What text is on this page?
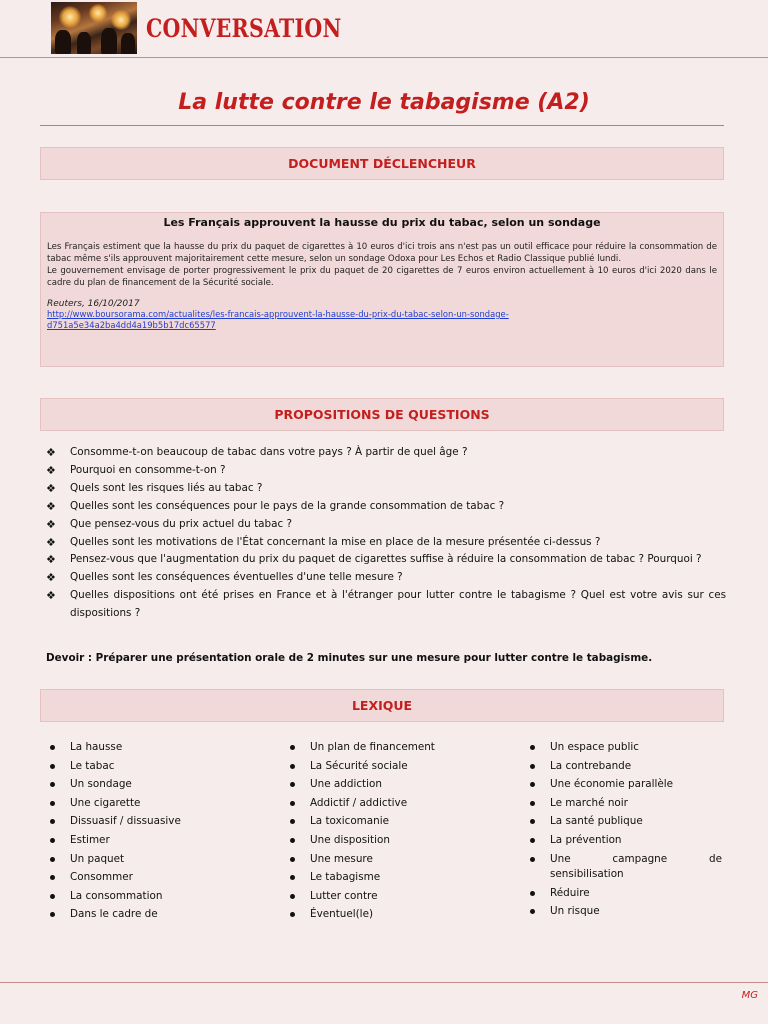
CONVERSATION
La lutte contre le tabagisme (A2)
DOCUMENT DÉCLENCHEUR
Les Français approuvent la hausse du prix du tabac, selon un sondage
Les Français estiment que la hausse du prix du paquet de cigarettes à 10 euros d'ici trois ans n'est pas un outil efficace pour réduire la consommation de tabac même s'ils approuvent majoritairement cette mesure, selon un sondage Odoxa pour Les Echos et Radio Classique publié lundi.
Le gouvernement envisage de porter progressivement le prix du paquet de 20 cigarettes de 7 euros environ actuellement à 10 euros d'ici 2020 dans le cadre du plan de financement de la Sécurité sociale.
Reuters, 16/10/2017
http://www.boursorama.com/actualites/les-francais-approuvent-la-hausse-du-prix-du-tabac-selon-un-sondage-
d751a5e34a2ba4dd4a19b5b17dc65577
PROPOSITIONS DE QUESTIONS
❖ Consomme-t-on beaucoup de tabac dans votre pays ? À partir de quel âge ?
❖ Pourquoi en consomme-t-on ?
❖ Quels sont les risques liés au tabac ?
❖ Quelles sont les conséquences pour le pays de la grande consommation de tabac ?
❖ Que pensez-vous du prix actuel du tabac ?
❖ Quelles sont les motivations de l'État concernant la mise en place de la mesure présentée ci-dessus ?
❖ Pensez-vous que l'augmentation du prix du paquet de cigarettes suffise à réduire la consommation de tabac ? Pourquoi ?
❖ Quelles sont les conséquences éventuelles d'une telle mesure ?
❖ Quelles dispositions ont été prises en France et à l'étranger pour lutter contre le tabagisme ? Quel est votre avis sur ces dispositions ?
Devoir : Préparer une présentation orale de 2 minutes sur une mesure pour lutter contre le tabagisme.
LEXIQUE
La hausse
Le tabac
Un sondage
Une cigarette
Dissuasif / dissuasive
Estimer
Un paquet
Consommer
La consommation
Dans le cadre de
Un plan de financement
La Sécurité sociale
Une addiction
Addictif / addictive
La toxicomanie
Une disposition
Une mesure
Le tabagisme
Lutter contre
Éventuel(le)
Un espace public
La contrebande
Une économie parallèle
Le marché noir
La santé publique
La prévention
Une campagne de sensibilisation
Réduire
Un risque
MG
